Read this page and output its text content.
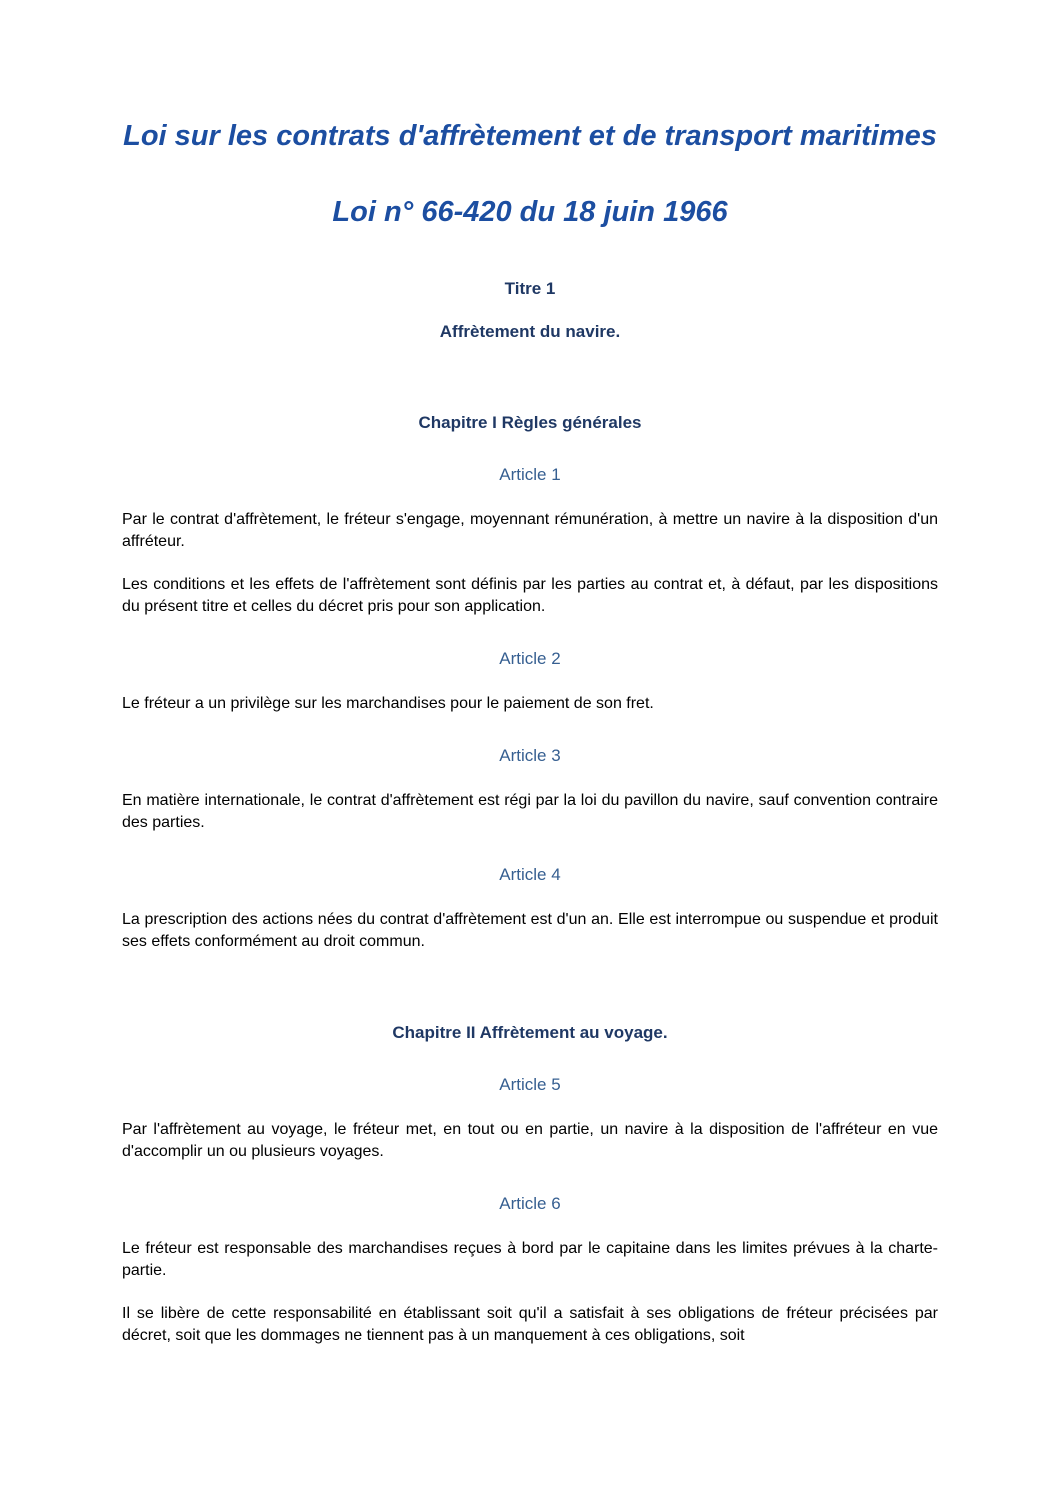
Loi sur les contrats d'affrètement et de transport maritimes
Loi n° 66-420 du 18 juin 1966
Titre 1
Affrètement du navire.
Chapitre I Règles générales
Article 1

Par le contrat d'affrètement, le fréteur s'engage, moyennant rémunération, à mettre un navire à la disposition d'un affréteur.

Les conditions et les effets de l'affrètement sont définis par les parties au contrat et, à défaut, par les dispositions du présent titre et celles du décret pris pour son application.

Article 2

Le fréteur a un privilège sur les marchandises pour le paiement de son fret.

Article 3

En matière internationale, le contrat d'affrètement est régi par la loi du pavillon du navire, sauf convention contraire des parties.

Article 4

La prescription des actions nées du contrat d'affrètement est d'un an. Elle est interrompue ou suspendue et produit ses effets conformément au droit commun.

Chapitre II Affrètement au voyage.
Article 5

Par l'affrètement au voyage, le fréteur met, en tout ou en partie, un navire à la disposition de l'affréteur en vue d'accomplir un ou plusieurs voyages.

Article 6

Le fréteur est responsable des marchandises reçues à bord par le capitaine dans les limites prévues à la charte-partie.

Il se libère de cette responsabilité en établissant soit qu'il a satisfait à ses obligations de fréteur précisées par décret, soit que les dommages ne tiennent pas à un manquement à ces obligations, soit
